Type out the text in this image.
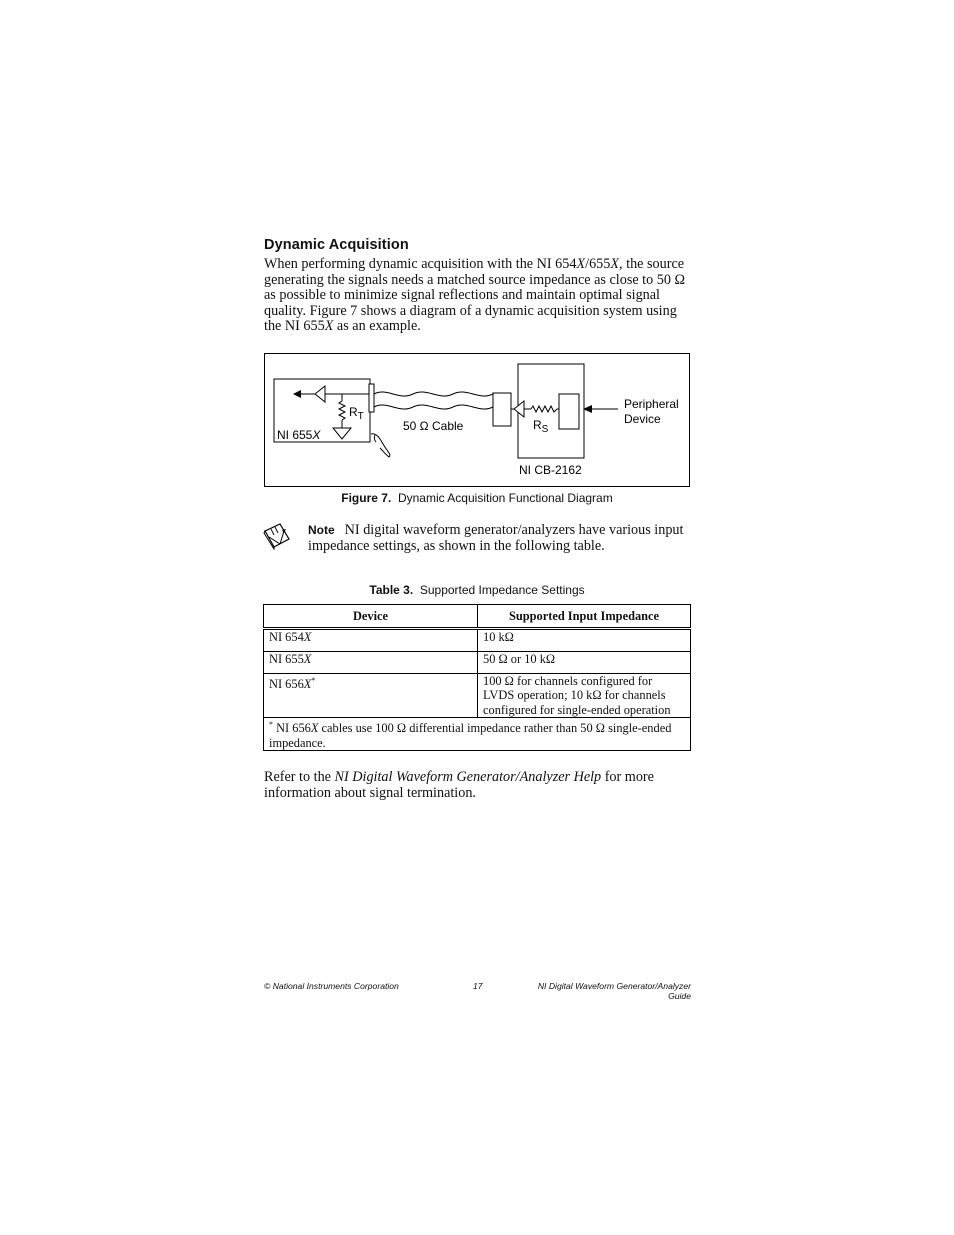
Dynamic Acquisition

When performing dynamic acquisition with the NI 654X/655X, the source generating the signals needs a matched source impedance as close to 50 Ω as possible to minimize signal reflections and maintain optimal signal quality. Figure 7 shows a diagram of a dynamic acquisition system using the NI 655X as an example.

NI 655X
$R_T$
50 Ω Cable	$R_S$
NI CB-2162
Peripheral
Device
Figure 7. Dynamic Acquisition Functional Diagram

Note NI digital waveform generator/analyzers have various input impedance settings, as shown in the following table.

Table 3. Supported Impedance Settings
Device	Supported Input Impedance
NI 654X	10 kΩ
NI 655X	50 Ω or 10 kΩ
NI 656X*	100 Ω for channels configured for LVDS operation; 10 kΩ for channels configured for single-ended operation
* NI 656X cables use 100 Ω differential impedance rather than 50 Ω single-ended impedance.	

Refer to the NI Digital Waveform Generator/Analyzer Help for more information about signal termination.

© National Instruments Corporation	17	NI Digital Waveform Generator/Analyzer Guide
